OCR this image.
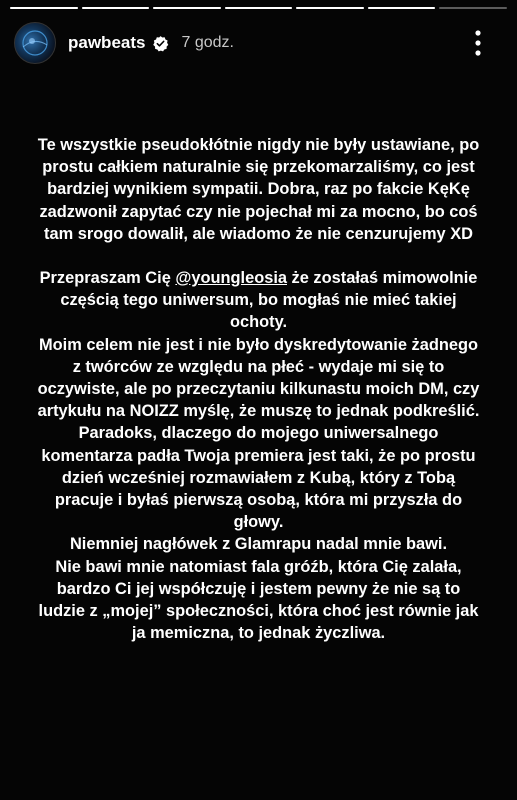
pawbeats 7 godz.

Te wszystkie pseudokłótnie nigdy nie były ustawiane, po prostu całkiem naturalnie się przekomarzaliśmy, co jest bardziej wynikiem sympatii. Dobra, raz po fakcie KęKę zadzwonił zapytać czy nie pojechał mi za mocno, bo coś tam srogo dowalił, ale wiadomo że nie cenzurujemy XD

Przepraszam Cię @youngleosia że zostałaś mimowolnie częścią tego uniwersum, bo mogłaś nie mieć takiej ochoty.

Moim celem nie jest i nie było dyskredytowanie żadnego z twórców ze względu na płeć - wydaje mi się to oczywiste, ale po przeczytaniu kilkunastu moich DM, czy artykułu na NOIZZ myślę, że muszę to jednak podkreślić.

Paradoks, dlaczego do mojego uniwersalnego komentarza padła Twoja premiera jest taki, że po prostu dzień wcześniej rozmawiałem z Kubą, który z Tobą pracuje i byłaś pierwszą osobą, która mi przyszła do głowy.

Niemniej nagłówek z Glamrapu nadal mnie bawi.

Nie bawi mnie natomiast fala gróźb, która Cię zalała, bardzo Ci jej współczuję i jestem pewny że nie są to ludzie z „mojej” społeczności, która choć jest równie jak ja memiczna, to jednak życzliwa.
